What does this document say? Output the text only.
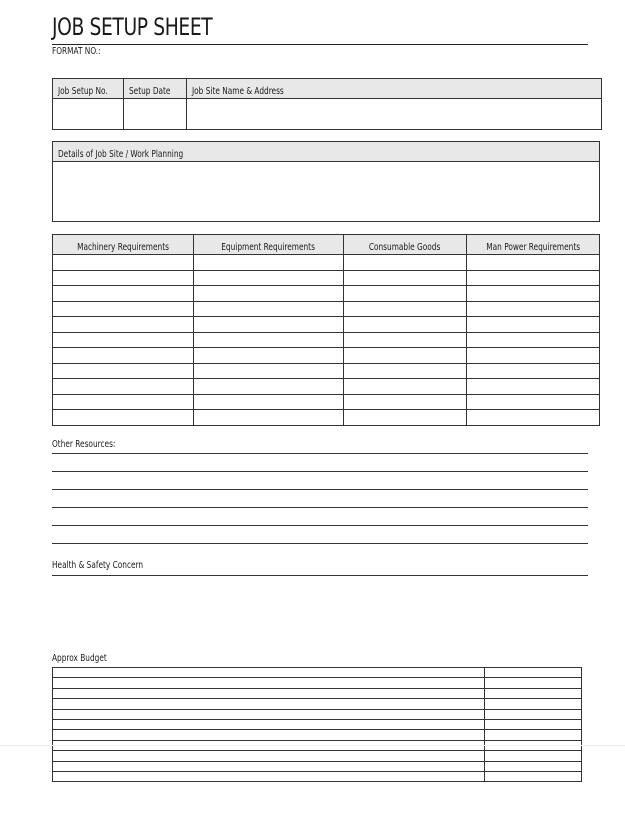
JOB SETUP SHEET
FORMAT NO.:
Job Setup No.	Setup Date	Job Site Name & Address

Details of Job Site / Work Planning

Machinery Requirements	Equipment Requirements	Consumable Goods	Man Power Requirements

Other Resources:
Health & Safety Concern
Approx Budget
